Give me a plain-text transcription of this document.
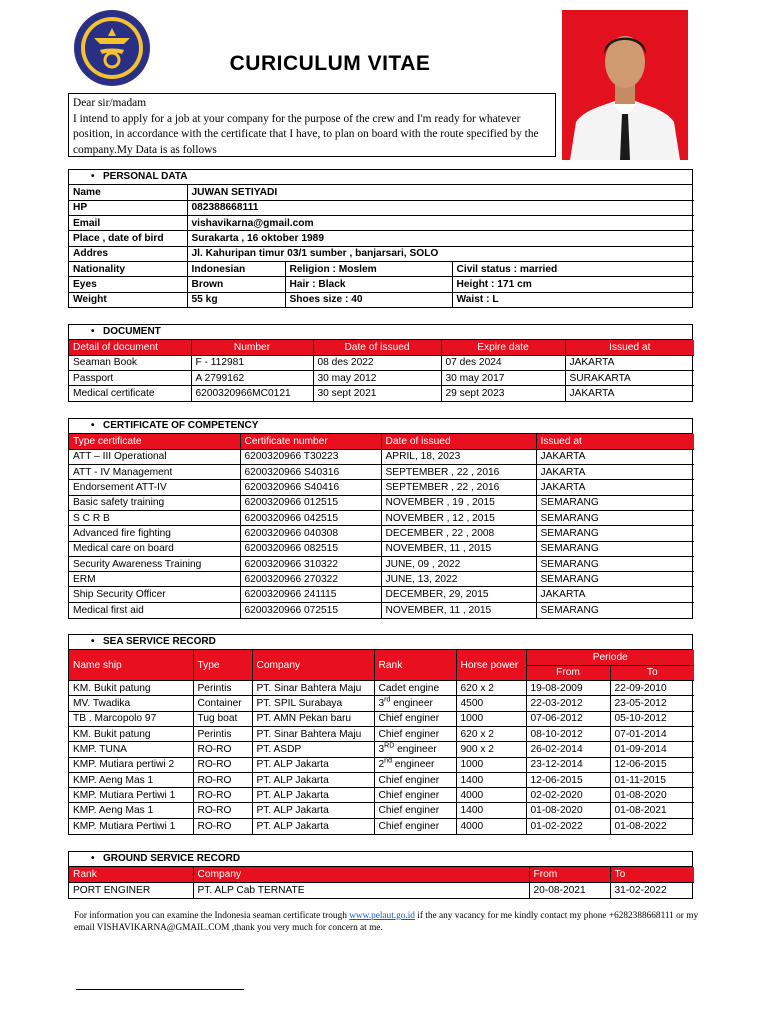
CURICULUM VITAE
Dear sir/madam
I intend to apply for a job at your company for the purpose of the crew and I'm ready for whatever position, in accordance with the certificate that I have, to plan on board with the route specified by the company.My Data is as follows
• PERSONAL DATA
Name	JUWAN SETIYADI		
HP	082388668111		
Email	vishavikarna@gmail.com		
Place , date of bird	Surakarta , 16 oktober 1989		
Addres	Jl. Kahuripan timur 03/1 sumber , banjarsari, SOLO		
Nationality	Indonesian	Religion : Moslem	Civil status : married
Eyes	Brown	Hair : Black	Height : 171 cm
Weight	55 kg	Shoes size : 40	Waist : L
• DOCUMENT
Detail of document	Number	Date of issued	Expire date	Issued at
Seaman Book	F - 112981	08 des 2022	07 des 2024	JAKARTA
Passport	A 2799162	30 may 2012	30 may 2017	SURAKARTA
Medical certificate	6200320966MC0121	30 sept 2021	29 sept 2023	JAKARTA
• CERTIFICATE OF COMPETENCY
Type certificate	Certificate number	Date of issued	Issued at
ATT – III Operational	6200320966 T30223	APRIL, 18, 2023	JAKARTA
ATT - IV Management	6200320966 S40316	SEPTEMBER , 22 , 2016	JAKARTA
Endorsement ATT-IV	6200320966 S40416	SEPTEMBER , 22 , 2016	JAKARTA
Basic safety training	6200320966 012515	NOVEMBER , 19 , 2015	SEMARANG
S C R B	6200320966 042515	NOVEMBER , 12 , 2015	SEMARANG
Advanced fire fighting	6200320966 040308	DECEMBER , 22 , 2008	SEMARANG
Medical care on board	6200320966 082515	NOVEMBER, 11 , 2015	SEMARANG
Security Awareness Training	6200320966 310322	JUNE, 09 , 2022	SEMARANG
ERM	6200320966 270322	JUNE, 13, 2022	SEMARANG
Ship Security Officer	6200320966 241115	DECEMBER, 29, 2015	JAKARTA
Medical first aid	6200320966 072515	NOVEMBER, 11 , 2015	SEMARANG
• SEA SERVICE RECORD
Name ship	Type	Company	Rank	Horse power	Periode	
					From	To
KM. Bukit patung	Perintis	PT. Sinar Bahtera Maju	Cadet engine	620 x 2	19-08-2009	22-09-2010
MV. Twadika	Container	PT. SPIL Surabaya	3rd engineer	4500	22-03-2012	23-05-2012
TB . Marcopolo 97	Tug boat	PT. AMN Pekan baru	Chief enginer	1000	07-06-2012	05-10-2012
KM. Bukit patung	Perintis	PT. Sinar Bahtera Maju	Chief enginer	620 x 2	08-10-2012	07-01-2014
KMP. TUNA	RO-RO	PT. ASDP	3RD engineer	900 x 2	26-02-2014	01-09-2014
KMP. Mutiara pertiwi 2	RO-RO	PT. ALP Jakarta	2nd engineer	1000	23-12-2014	12-06-2015
KMP. Aeng Mas 1	RO-RO	PT. ALP Jakarta	Chief enginer	1400	12-06-2015	01-11-2015
KMP. Mutiara Pertiwi 1	RO-RO	PT. ALP Jakarta	Chief enginer	4000	02-02-2020	01-08-2020
KMP. Aeng Mas 1	RO-RO	PT. ALP Jakarta	Chief enginer	1400	01-08-2020	01-08-2021
KMP. Mutiara Pertiwi 1	RO-RO	PT. ALP Jakarta	Chief enginer	4000	01-02-2022	01-08-2022
• GROUND SERVICE RECORD
Rank	Company	From	To
PORT ENGINER	PT. ALP Cab TERNATE	20-08-2021	31-02-2022
For information you can examine the Indonesia seaman certificate trough www.pelaut.go.id if the any vacancy for me kindly contact my phone +6282388668111 or my email VISHAVIKARNA@GMAIL.COM ,thank you very much for concern at me.
